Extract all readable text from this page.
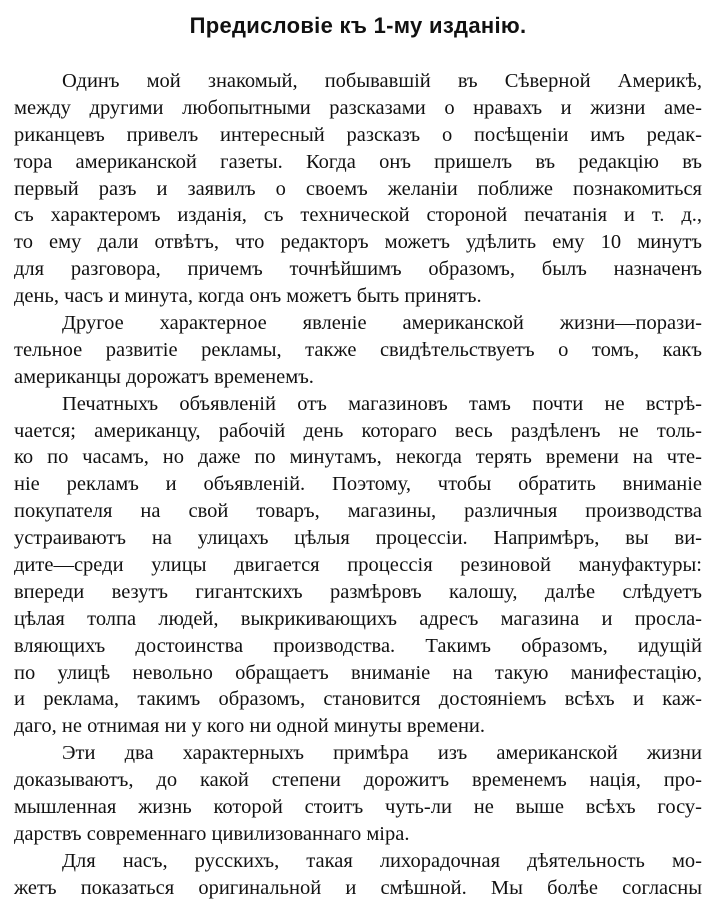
Предисловіе къ 1-му изданію.
Одинъ мой знакомый, побывавшій въ Сѣверной Америкѣ,
между другими любопытными разсказами о нравахъ и жизни аме-
риканцевъ привелъ интересный разсказъ о посѣщеніи имъ редак-
тора американской газеты. Когда онъ пришелъ въ редакцію въ
первый разъ и заявилъ о своемъ желаніи поближе познакомиться
съ характеромъ изданія, съ технической стороной печатанія и т. д.,
то ему дали отвѣтъ, что редакторъ можетъ удѣлить ему 10 минутъ
для разговора, причемъ точнѣйшимъ образомъ, былъ назначенъ
день, часъ и минута, когда онъ можетъ быть принятъ.
Другое характерное явленіе американской жизни—порази-
тельное развитіе рекламы, также свидѣтельствуетъ о томъ, какъ
американцы дорожатъ временемъ.
Печатныхъ объявленій отъ магазиновъ тамъ почти не встрѣ-
чается; американцу, рабочій день котораго весь раздѣленъ не толь-
ко по часамъ, но даже по минутамъ, некогда терять времени на чте-
ніе рекламъ и объявленій. Поэтому, чтобы обратить вниманіе
покупателя на свой товаръ, магазины, различныя производства
устраиваютъ на улицахъ цѣлыя процессіи. Напримѣръ, вы ви-
дите—среди улицы двигается процессія резиновой мануфактуры:
впереди везутъ гигантскихъ размѣровъ калошу, далѣе слѣдуетъ
цѣлая толпа людей, выкрикивающихъ адресъ магазина и просла-
вляющихъ достоинства производства. Такимъ образомъ, идущій
по улицѣ невольно обращаетъ вниманіе на такую манифестацію,
и реклама, такимъ образомъ, становится достояніемъ всѣхъ и каж-
даго, не отнимая ни у кого ни одной минуты времени.
Эти два характерныхъ примѣра изъ американской жизни
доказываютъ, до какой степени дорожитъ временемъ нація, про-
мышленная жизнь которой стоитъ чуть-ли не выше всѣхъ госу-
дарствъ современнаго цивилизованнаго міра.
Для насъ, русскихъ, такая лихорадочная дѣятельность мо-
жетъ показаться оригинальной и смѣшной. Мы болѣе согласны
